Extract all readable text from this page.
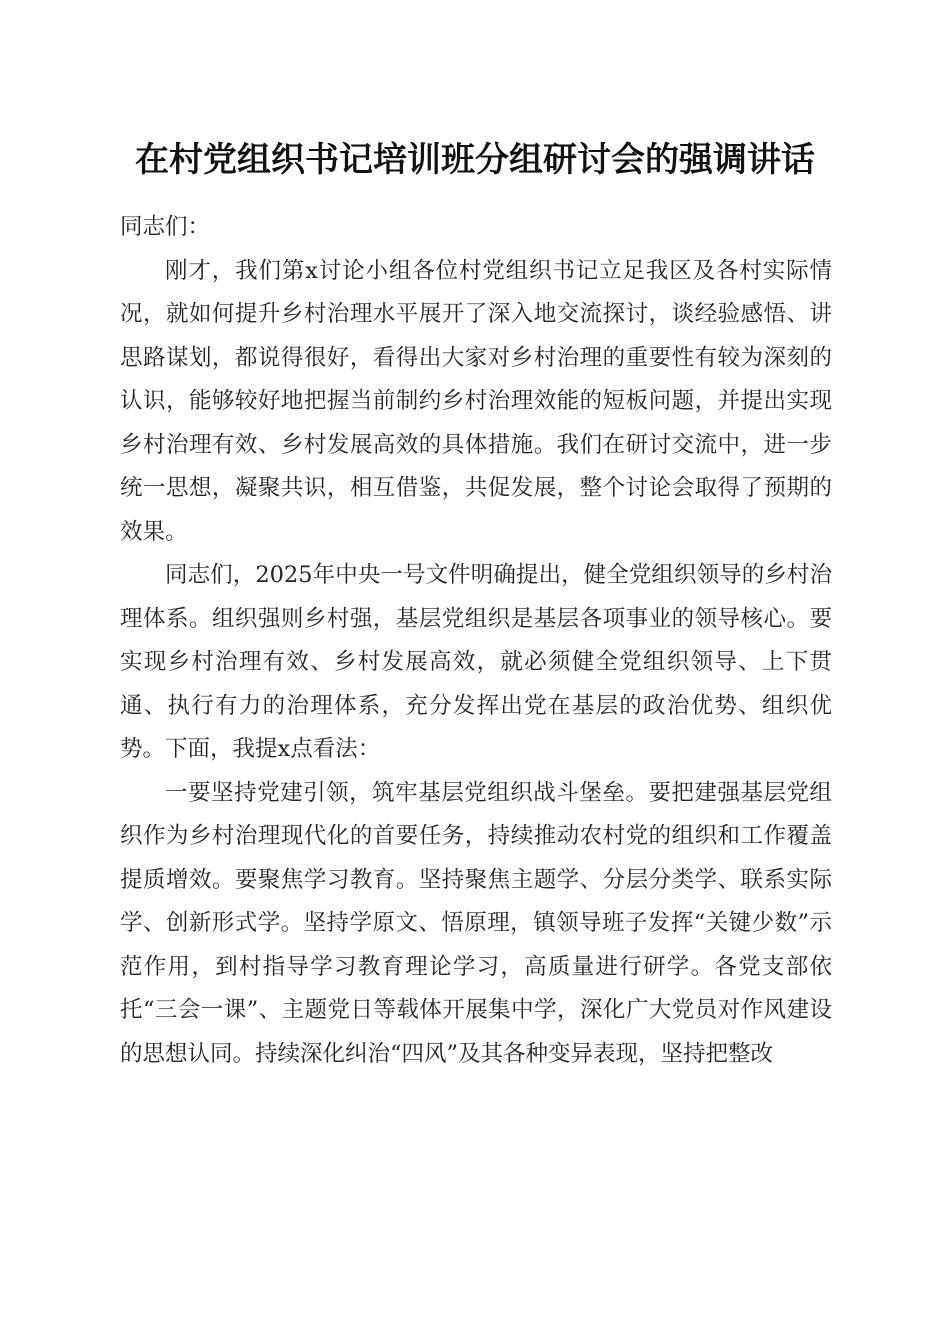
在村党组织书记培训班分组研讨会的强调讲话

同志们：

刚才，我们第x讨论小组各位村党组织书记立足我区及各村实际情况，就如何提升乡村治理水平展开了深入地交流探讨，谈经验感悟、讲思路谋划，都说得很好，看得出大家对乡村治理的重要性有较为深刻的认识，能够较好地把握当前制约乡村治理效能的短板问题，并提出实现乡村治理有效、乡村发展高效的具体措施。我们在研讨交流中，进一步统一思想，凝聚共识，相互借鉴，共促发展，整个讨论会取得了预期的效果。

同志们，2025年中央一号文件明确提出，健全党组织领导的乡村治理体系。组织强则乡村强，基层党组织是基层各项事业的领导核心。要实现乡村治理有效、乡村发展高效，就必须健全党组织领导、上下贯通、执行有力的治理体系，充分发挥出党在基层的政治优势、组织优势。下面，我提x点看法：

一要坚持党建引领，筑牢基层党组织战斗堡垒。要把建强基层党组织作为乡村治理现代化的首要任务，持续推动农村党的组织和工作覆盖提质增效。要聚焦学习教育。坚持聚焦主题学、分层分类学、联系实际学、创新形式学。坚持学原文、悟原理，镇领导班子发挥“关键少数”示范作用，到村指导学习教育理论学习，高质量进行研学。各党支部依托“三会一课”、主题党日等载体开展集中学，深化广大党员对作风建设的思想认同。持续深化纠治“四风”及其各种变异表现，坚持把整改
